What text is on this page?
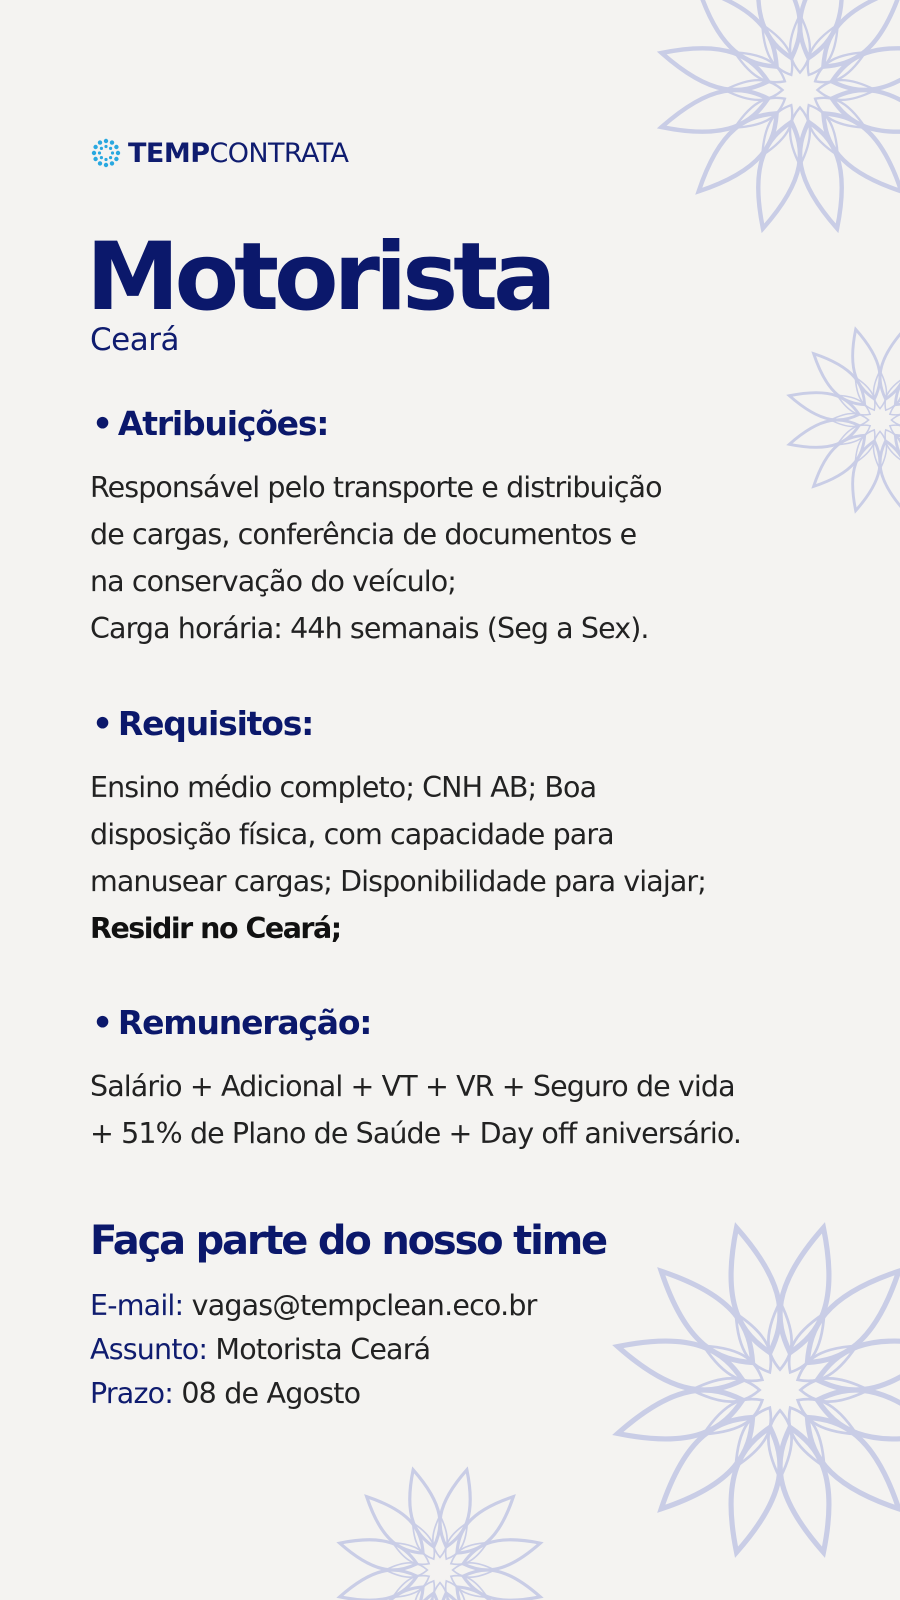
TEMP CONTRATA
Motorista
Ceará
• Atribuições:

Responsável pelo transporte e distribuição

de cargas, conferência de documentos e

na conservação do veículo;

Carga horária: 44h semanais (Seg a Sex).

• Requisitos:

Ensino médio completo; CNH AB; Boa

disposição física, com capacidade para

manusear cargas; Disponibilidade para viajar;

Residir no Ceará;

• Remuneração:

Salário + Adicional + VT + VR + Seguro de vida

+ 51% de Plano de Saúde + Day off aniversário.

Faça parte do nosso time
E-mail: vagas@tempclean.eco.br
Assunto: Motorista Ceará
Prazo: 08 de Agosto
